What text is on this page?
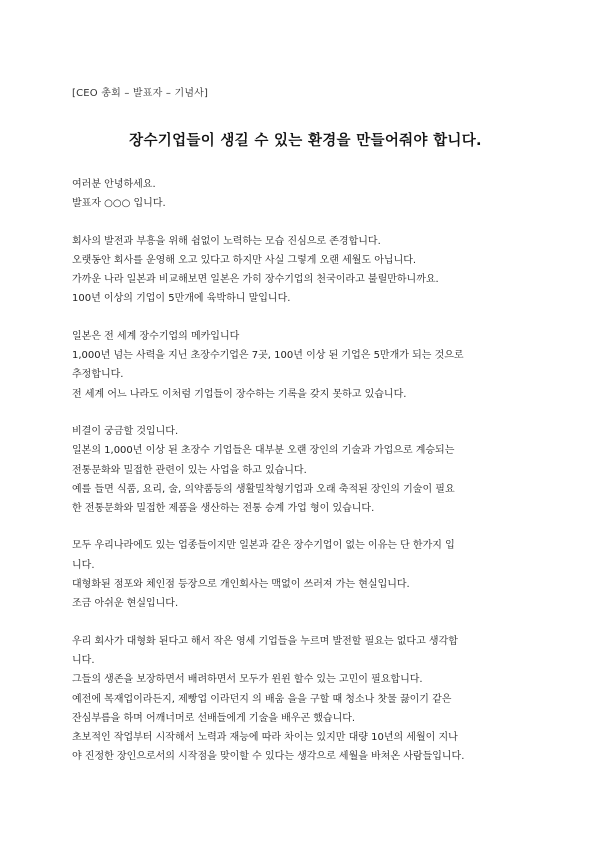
[CEO 총회 – 발표자 – 기념사]
장수기업들이 생길 수 있는 환경을 만들어줘야 합니다.
여러분 안녕하세요.
발표자 ○○○ 입니다.
회사의 발전과 부흥을 위해 쉼없이 노력하는 모습 진심으로 존경합니다.
오랫동안 회사를 운영해 오고 있다고 하지만 사실 그렇게 오랜 세월도 아닙니다.
가까운 나라 일본과 비교해보면 일본은 가히 장수기업의 천국이라고 불릴만하니까요.
100년 이상의 기업이 5만개에 육박하니 말입니다.
일본은 전 세계 장수기업의 메카입니다
1,000년 넘는 사력을 지닌 초장수기업은 7곳, 100년 이상 된 기업은 5만개가 되는 것으로
추정합니다.
전 세계 어느 나라도 이처럼 기업들이 장수하는 기록을 갖지 못하고 있습니다.
비결이 궁금할 것입니다.
일본의 1,000년 이상 된 초장수 기업들은 대부분 오랜 장인의 기술과 가업으로 계승되는
전통문화와 밀접한 관련이 있는 사업을 하고 있습니다.
예를 들면 식품, 요리, 술, 의약품등의 생활밀착형기업과 오래 축적된 장인의 기술이 필요
한 전통문화와 밀접한 제품을 생산하는 전통 승계 가업 형이 있습니다.
모두 우리나라에도 있는 업종들이지만 일본과 같은 장수기업이 없는 이유는 단 한가지 입
니다.
대형화된 점포와 체인점 등장으로 개인회사는 맥없이 쓰러져 가는 현실입니다.
조금 아쉬운 현실입니다.
우리 회사가 대형화 된다고 해서 작은 영세 기업들을 누르며 발전할 필요는 없다고 생각합
니다.
그들의 생존을 보장하면서 배려하면서 모두가 윈윈 할수 있는 고민이 필요합니다.
예전에 목재업이라든지, 제빵업 이라던지 의 배움 을을 구할 때 청소나 찻물 끓이기 같은
잔심부름을 하며 어깨너머로 선배들에게 기술을 배우곤 했습니다.
초보적인 작업부터 시작해서 노력과 재능에 따라 차이는 있지만 대량 10년의 세월이 지나
야 진정한 장인으로서의 시작점을 맞이할 수 있다는 생각으로 세월을 바쳐온 사람들입니다.
